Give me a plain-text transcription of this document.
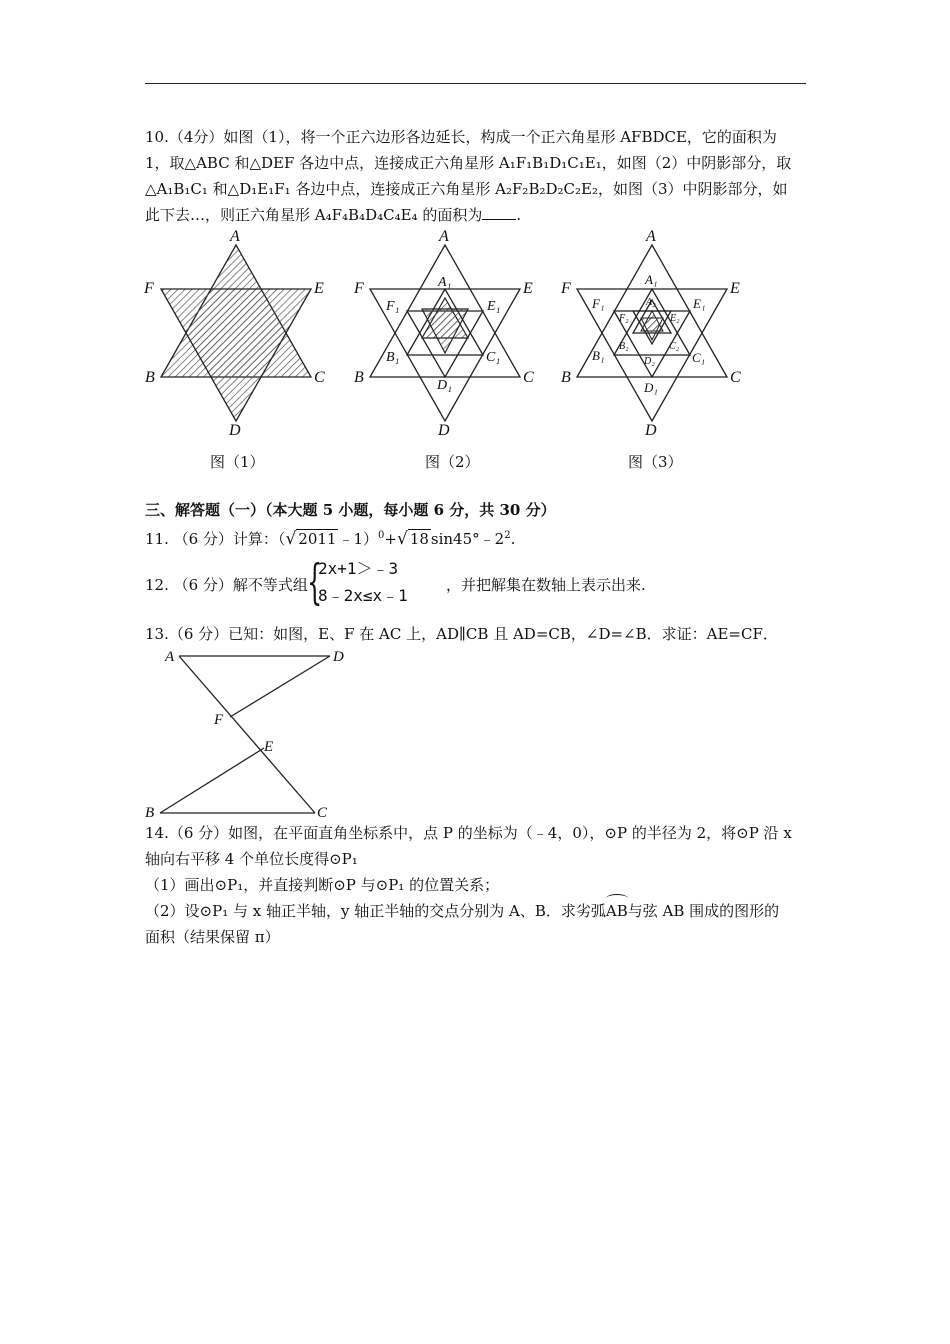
10.（4分）如图（1），将一个正六边形各边延长，构成一个正六角星形 AFBDCE，它的面积为
1，取△ABC 和△DEF 各边中点，连接成正六角星形 A₁F₁B₁D₁C₁E₁，如图（2）中阴影部分，取
△A₁B₁C₁ 和△D₁E₁F₁ 各边中点，连接成正六角星形 A₂F₂B₂D₂C₂E₂，如图（3）中阴影部分，如
此下去…，则正六角星形 A₄F₄B₄D₄C₄E₄ 的面积为 .
A
F	E
B	C
D
A
F	E
B	C
D
A₁
F₁	E₁
B₁	C₁
D₁
A
F	E
B	C
D
A₁
F₁	E₁
B₁	C₁
D₁
A₂
F₂	E₂
B₂	C₂
D₂
图（1）	图（2）	图（3）
三、解答题（一）（本大题 5 小题，每小题 6 分，共 30 分）
11. （6 分）计算：（√ 2011 ﹣1）$^0$+√ 18 $\sin 45^\circ﹣2^2$.
12. （6 分）解不等式组 {
2x+1＞﹣3
8﹣2x≤x﹣1
，并把解集在数轴上表示出来.
13.（6 分）已知：如图，E、F 在 AC 上，AD∥CB 且 AD=CB，∠D=∠B．求证：AE=CF．
A	D
F
E
B	C
14.（6 分）如图，在平面直角坐标系中，点 P 的坐标为（﹣4，0），⊙P 的半径为 2，将⊙P 沿 x
轴向右平移 4 个单位长度得⊙P₁
（1）画出⊙P₁，并直接判断⊙P 与⊙P₁ 的位置关系；
（2）设⊙P₁ 与 x 轴正半轴，y 轴正半轴的交点分别为 A、B．求劣弧AB与弦 AB 围成的图形的
面积（结果保留 π）
